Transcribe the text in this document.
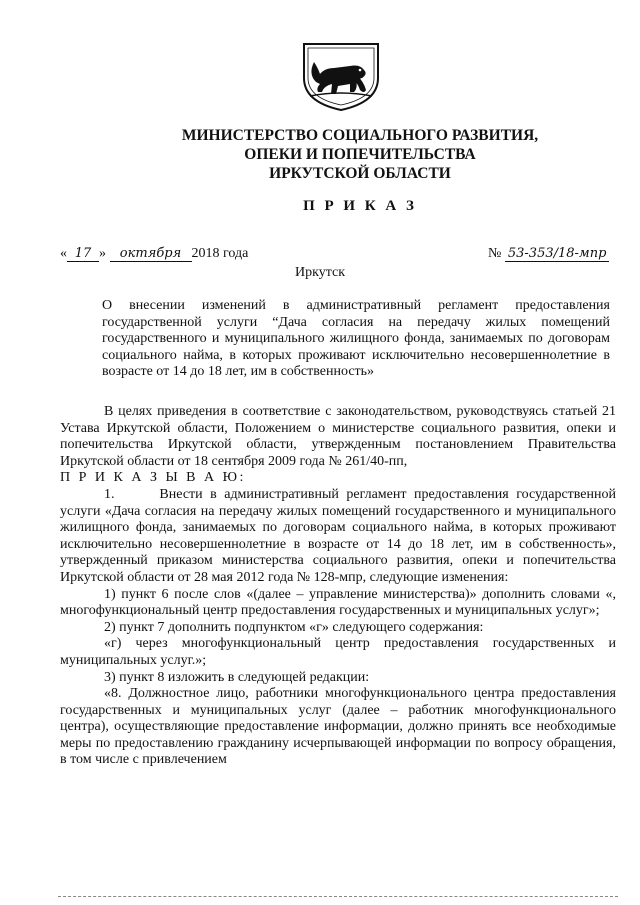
МИНИСТЕРСТВО СОЦИАЛЬНОГО РАЗВИТИЯ,
ОПЕКИ И ПОПЕЧИТЕЛЬСТВА
ИРКУТСКОЙ ОБЛАСТИ
П Р И К А З
« 17 » октября 2018 года	№ 53-353/18-мпр
Иркутск
О внесении изменений в административный регламент предоставления государственной услуги “Дача согласия на передачу жилых помещений государственного и муниципального жилищного фонда, занимаемых по договорам социального найма, в которых проживают исключительно несовершеннолетние в возрасте от 14 до 18 лет, им в собственность»

В целях приведения в соответствие с законодательством, руководствуясь статьей 21 Устава Иркутской области, Положением о министерстве социального развития, опеки и попечительства Иркутской области, утвержденным постановлением Правительства Иркутской области от 18 сентября 2009 года № 261/40-пп,

П Р И К А З Ы В А Ю:

1.      Внести в административный регламент предоставления государственной услуги «Дача согласия на передачу жилых помещений государственного и муниципального жилищного фонда, занимаемых по договорам социального найма, в которых проживают исключительно несовершеннолетние в возрасте от 14 до 18 лет, им в собственность», утвержденный приказом министерства социального развития, опеки и попечительства Иркутской области от 28 мая 2012 года № 128-мпр, следующие изменения:

1) пункт 6 после слов «(далее – управление министерства)» дополнить словами «, многофункциональный центр предоставления государственных и муниципальных услуг»;

2) пункт 7 дополнить подпунктом «г» следующего содержания:

«г) через многофункциональный центр предоставления государственных и муниципальных услуг.»;

3) пункт 8 изложить в следующей редакции:

«8. Должностное лицо, работники многофункционального центра предоставления государственных и муниципальных услуг (далее – работник многофункционального центра), осуществляющие предоставление информации, должно принять все необходимые меры по предоставлению гражданину исчерпывающей информации по вопросу обращения, в том числе с привлечением
